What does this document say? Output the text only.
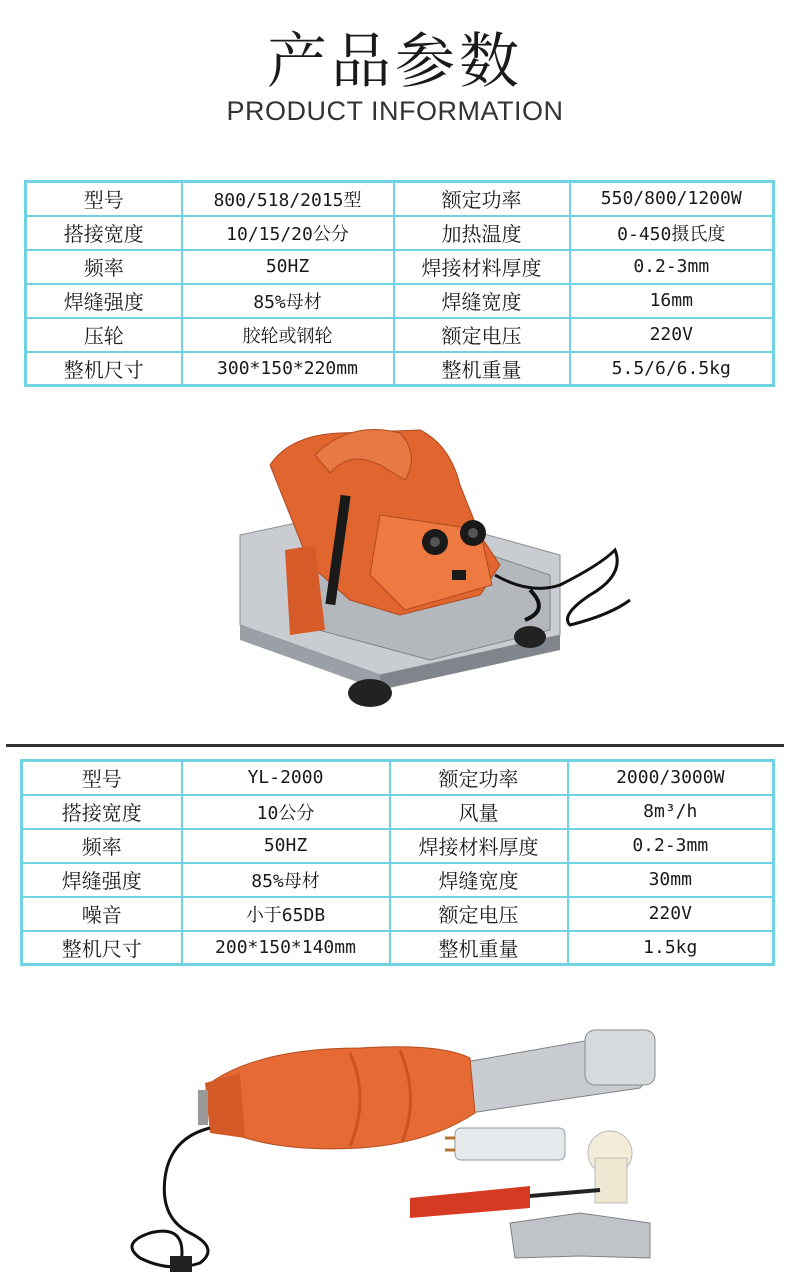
产品参数
PRODUCT INFORMATION
型号	800/518/2015型	额定功率	550/800/1200W
搭接宽度	10/15/20公分	加热温度	0-450摄氏度
频率	50HZ	焊接材料厚度	0.2-3mm
焊缝强度	85%母材	焊缝宽度	16mm
压轮	胶轮或钢轮	额定电压	220V
整机尺寸	300*150*220mm	整机重量	5.5/6/6.5kg
型号	YL-2000	额定功率	2000/3000W
搭接宽度	10公分	风量	8m³/h
频率	50HZ	焊接材料厚度	0.2-3mm
焊缝强度	85%母材	焊缝宽度	30mm
噪音	小于65DB	额定电压	220V
整机尺寸	200*150*140mm	整机重量	1.5kg
